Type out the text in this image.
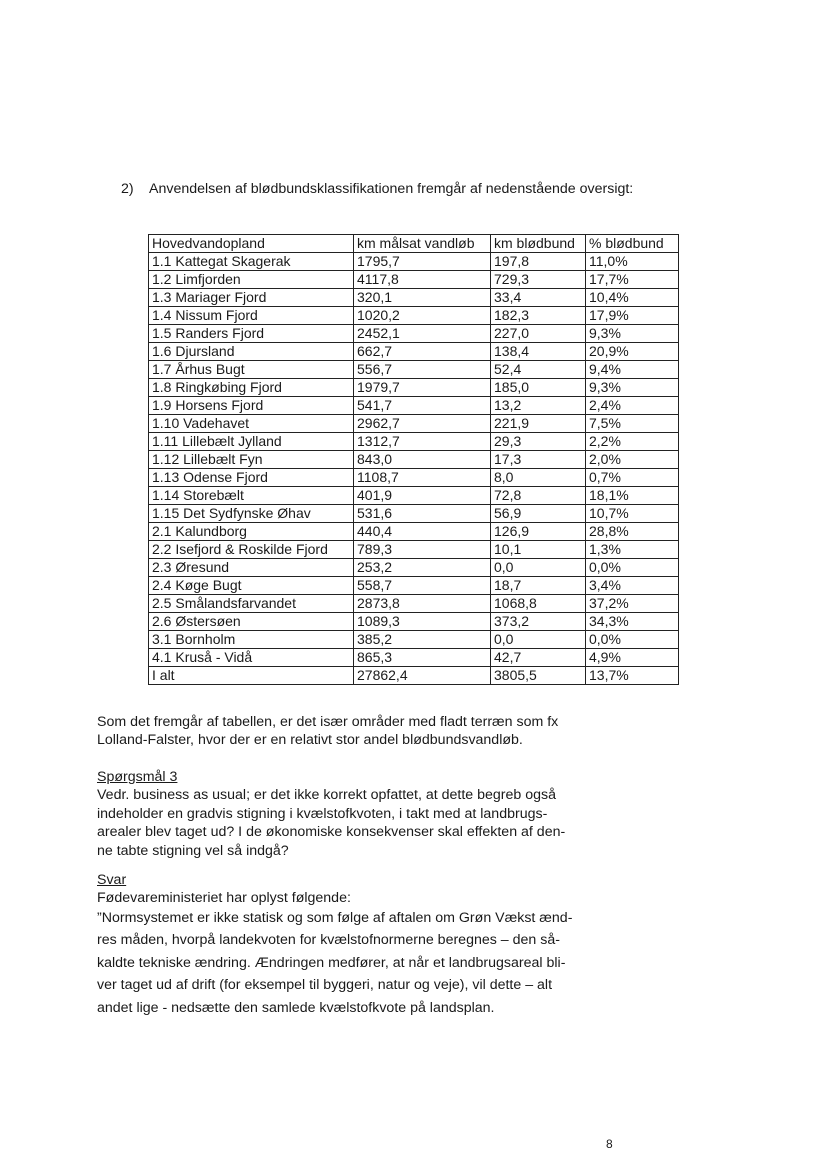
2) Anvendelsen af blødbundsklassifikationen fremgår af nedenstående oversigt:
Hovedvandopland	km målsat vandløb	km blødbund	% blødbund
1.1 Kattegat Skagerak	1795,7	197,8	11,0%
1.2 Limfjorden	4117,8	729,3	17,7%
1.3 Mariager Fjord	320,1	33,4	10,4%
1.4 Nissum Fjord	1020,2	182,3	17,9%
1.5 Randers Fjord	2452,1	227,0	9,3%
1.6 Djursland	662,7	138,4	20,9%
1.7 Århus Bugt	556,7	52,4	9,4%
1.8 Ringkøbing Fjord	1979,7	185,0	9,3%
1.9 Horsens Fjord	541,7	13,2	2,4%
1.10 Vadehavet	2962,7	221,9	7,5%
1.11 Lillebælt Jylland	1312,7	29,3	2,2%
1.12 Lillebælt Fyn	843,0	17,3	2,0%
1.13 Odense Fjord	1108,7	8,0	0,7%
1.14 Storebælt	401,9	72,8	18,1%
1.15 Det Sydfynske Øhav	531,6	56,9	10,7%
2.1 Kalundborg	440,4	126,9	28,8%
2.2 Isefjord & Roskilde Fjord	789,3	10,1	1,3%
2.3 Øresund	253,2	0,0	0,0%
2.4 Køge Bugt	558,7	18,7	3,4%
2.5 Smålandsfarvandet	2873,8	1068,8	37,2%
2.6 Østersøen	1089,3	373,2	34,3%
3.1 Bornholm	385,2	0,0	0,0%
4.1 Kruså - Vidå	865,3	42,7	4,9%
I alt	27862,4	3805,5	13,7%
Som det fremgår af tabellen, er det især områder med fladt terræn som fx
Lolland-Falster, hvor der er en relativt stor andel blødbundsvandløb.
Spørgsmål 3
Vedr. business as usual; er det ikke korrekt opfattet, at dette begreb også
indeholder en gradvis stigning i kvælstofkvoten, i takt med at landbrugs-
arealer blev taget ud? I de økonomiske konsekvenser skal effekten af den-
ne tabte stigning vel så indgå?
Svar
Fødevareministeriet har oplyst følgende:
”Normsystemet er ikke statisk og som følge af aftalen om Grøn Vækst ænd-
res måden, hvorpå landekvoten for kvælstofnormerne beregnes – den så-
kaldte tekniske ændring. Ændringen medfører, at når et landbrugsareal bli-
ver taget ud af drift (for eksempel til byggeri, natur og veje), vil dette – alt
andet lige - nedsætte den samlede kvælstofkvote på landsplan.
8
